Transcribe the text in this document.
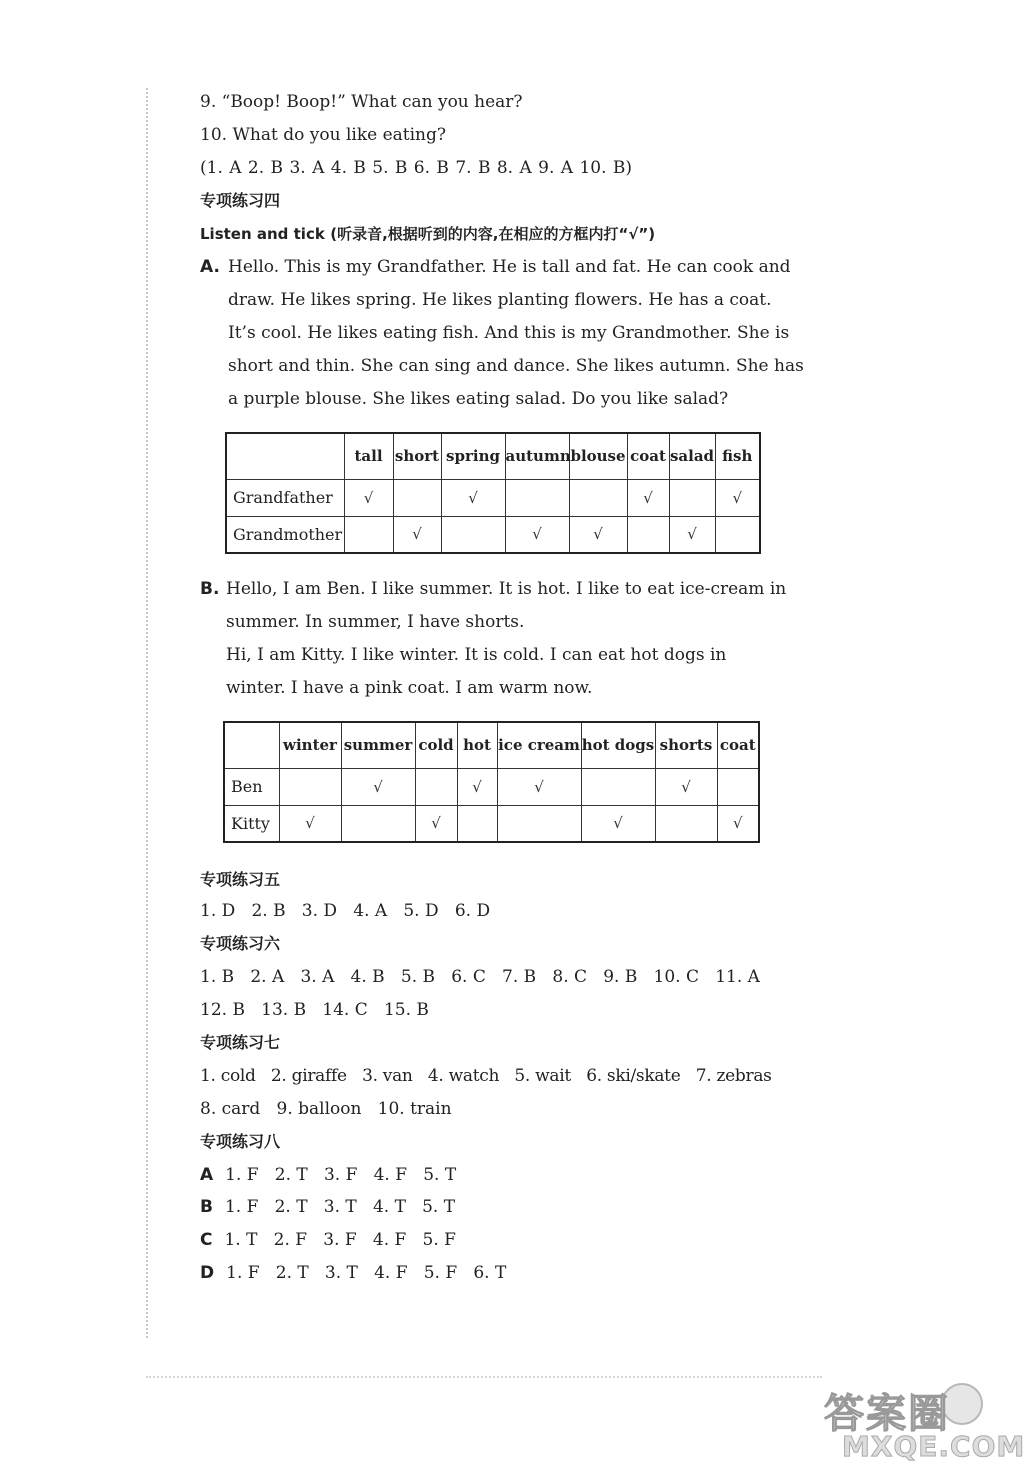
9. “Boop! Boop!” What can you hear?
10. What do you like eating?
(1. A 2. B 3. A 4. B 5. B 6. B 7. B 8. A 9. A 10. B)
专项练习四
Listen and tick (听录音,根据听到的内容,在相应的方框内打“√”)
A. Hello. This is my Grandfather. He is tall and fat. He can cook and
draw. He likes spring. He likes planting flowers. He has a coat.
It’s cool. He likes eating fish. And this is my Grandmother. She is
short and thin. She can sing and dance. She likes autumn. She has
a purple blouse. She likes eating salad. Do you like salad?
	tall	short	spring	autumn	blouse	coat	salad	fish
Grandfather	√		√			√		√
Grandmother		√		√	√		√	
B. Hello, I am Ben. I like summer. It is hot. I like to eat ice-cream in
summer. In summer, I have shorts.
Hi, I am Kitty. I like winter. It is cold. I can eat hot dogs in
winter. I have a pink coat. I am warm now.
	winter	summer	cold	hot	ice cream	hot dogs	shorts	coat
Ben		√		√	√		√	
Kitty	√		√			√		√
专项练习五
1. D   2. B   3. D   4. A   5. D   6. D
专项练习六
1. B   2. A   3. A   4. B   5. B   6. C   7. B   8. C   9. B   10. C   11. A
12. B   13. B   14. C   15. B
专项练习七
1. cold   2. giraffe   3. van   4. watch   5. wait   6. ski/skate   7. zebras
8. card   9. balloon   10. train
专项练习八
A 1. F   2. T   3. F   4. F   5. T
B 1. F   2. T   3. T   4. T   5. T
C 1. T   2. F   3. F   4. F   5. F
D 1. F   2. T   3. T   4. F   5. F   6. T
答案圈
MXQE.COM
